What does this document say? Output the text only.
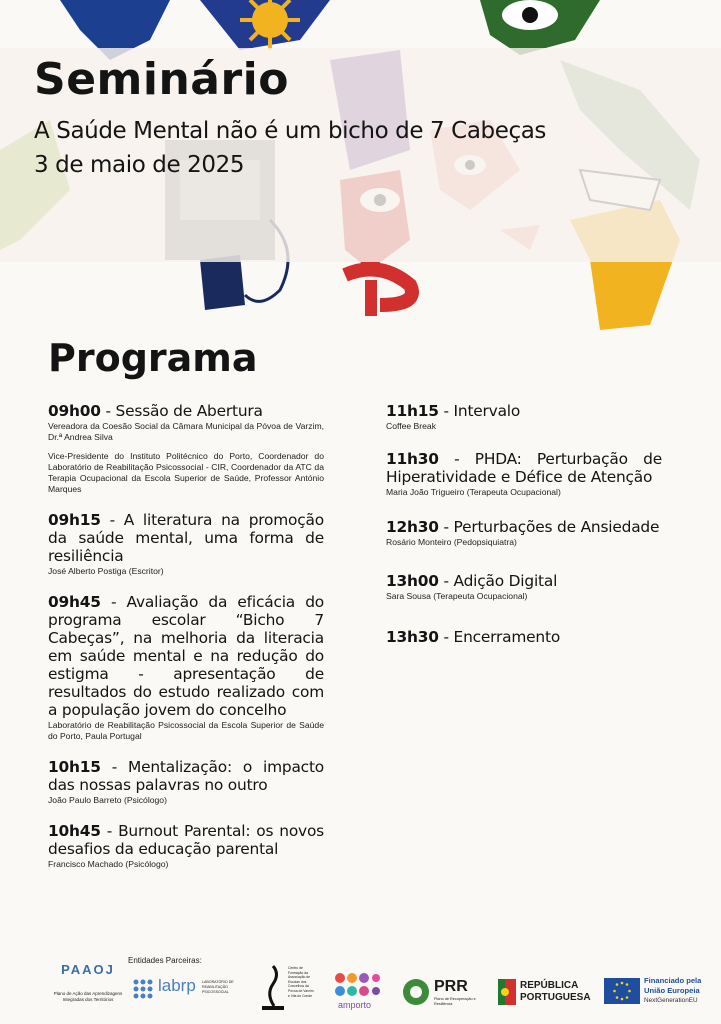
Seminário
A Saúde Mental não é um bicho de 7 Cabeças
3 de maio de 2025
Programa
09h00 - Sessão de Abertura
Vereadora da Coesão Social da Câmara Municipal da Póvoa de Varzim, Dr.ª Andrea Silva
Vice-Presidente do Instituto Politécnico do Porto, Coordenador do Laboratório de Reabilitação Psicossocial - CIR, Coordenador da ATC da Terapia Ocupacional da Escola Superior de Saúde, Professor António Marques
09h15 - A literatura na promoção da saúde mental, uma forma de resiliência
José Alberto Postiga (Escritor)
09h45 - Avaliação da eficácia do programa escolar “Bicho 7 Cabeças”, na melhoria da literacia em saúde mental e na redução do estigma - apresentação de resultados do estudo realizado com a população jovem do concelho
Laboratório de Reabilitação Psicossocial da Escola Superior de Saúde do Porto, Paula Portugal
10h15 - Mentalização: o impacto das nossas palavras no outro
João Paulo Barreto (Psicólogo)
10h45 - Burnout Parental: os novos desafios da educação parental
Francisco Machado (Psicólogo)
11h15 - Intervalo
Coffee Break
11h30 - PHDA: Perturbação de Hiperatividade e Défice de Atenção
Maria João Trigueiro (Terapeuta Ocupacional)
12h30 - Perturbações de Ansiedade
Rosário Monteiro (Pedopsiquiatra)
13h00 - Adição Digital
Sara Sousa (Terapeuta Ocupacional)
13h30 - Encerramento
Entidades Parceiras:
PAAOJ
Plano de Ação das Aprendizagens Integradas dos Territórios
labrp LABORATÓRIO DE REABILITAÇÃO PSICOSSOCIAL
Centro de Formação da Associação de Escolas dos Concelhos da Póvoa de Varzim e Vila do Conde
amporto
PRR
Plano de Recuperação e Resiliência
REPÚBLICA
PORTUGUESA
Financiado pela
União Europeia
NextGenerationEU
